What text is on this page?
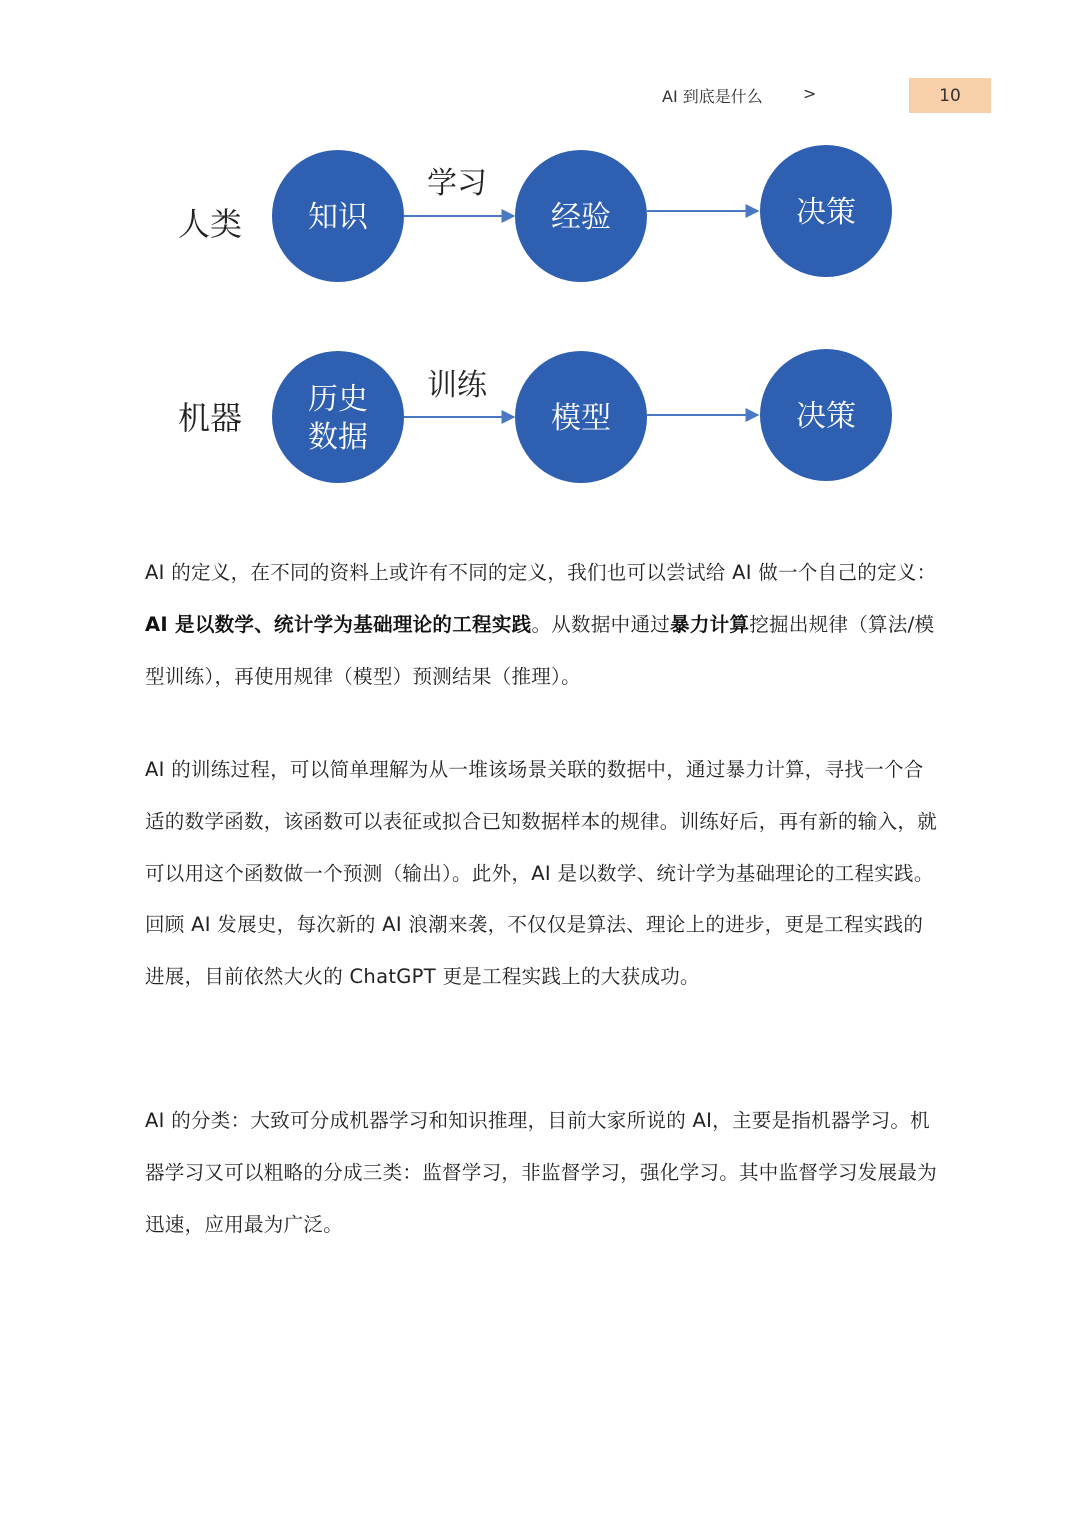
AI 到底是什么	>	10
人类 知识
学习
经验	决策
机器 历史
数据
训练
模型	决策

AI 的定义，在不同的资料上或许有不同的定义，我们也可以尝试给 AI 做一个自己的定义：AI 是以数学、统计学为基础理论的工程实践。从数据中通过暴力计算挖掘出规律（算法/模型训练），再使用规律（模型）预测结果（推理）。

AI 的训练过程，可以简单理解为从一堆该场景关联的数据中，通过暴力计算，寻找一个合适的数学函数，该函数可以表征或拟合已知数据样本的规律。训练好后，再有新的输入，就可以用这个函数做一个预测（输出）。此外，AI 是以数学、统计学为基础理论的工程实践。回顾 AI 发展史，每次新的 AI 浪潮来袭，不仅仅是算法、理论上的进步，更是工程实践的进展，目前依然大火的 ChatGPT 更是工程实践上的大获成功。

AI 的分类：大致可分成机器学习和知识推理，目前大家所说的 AI，主要是指机器学习。机器学习又可以粗略的分成三类：监督学习，非监督学习，强化学习。其中监督学习发展最为迅速，应用最为广泛。
